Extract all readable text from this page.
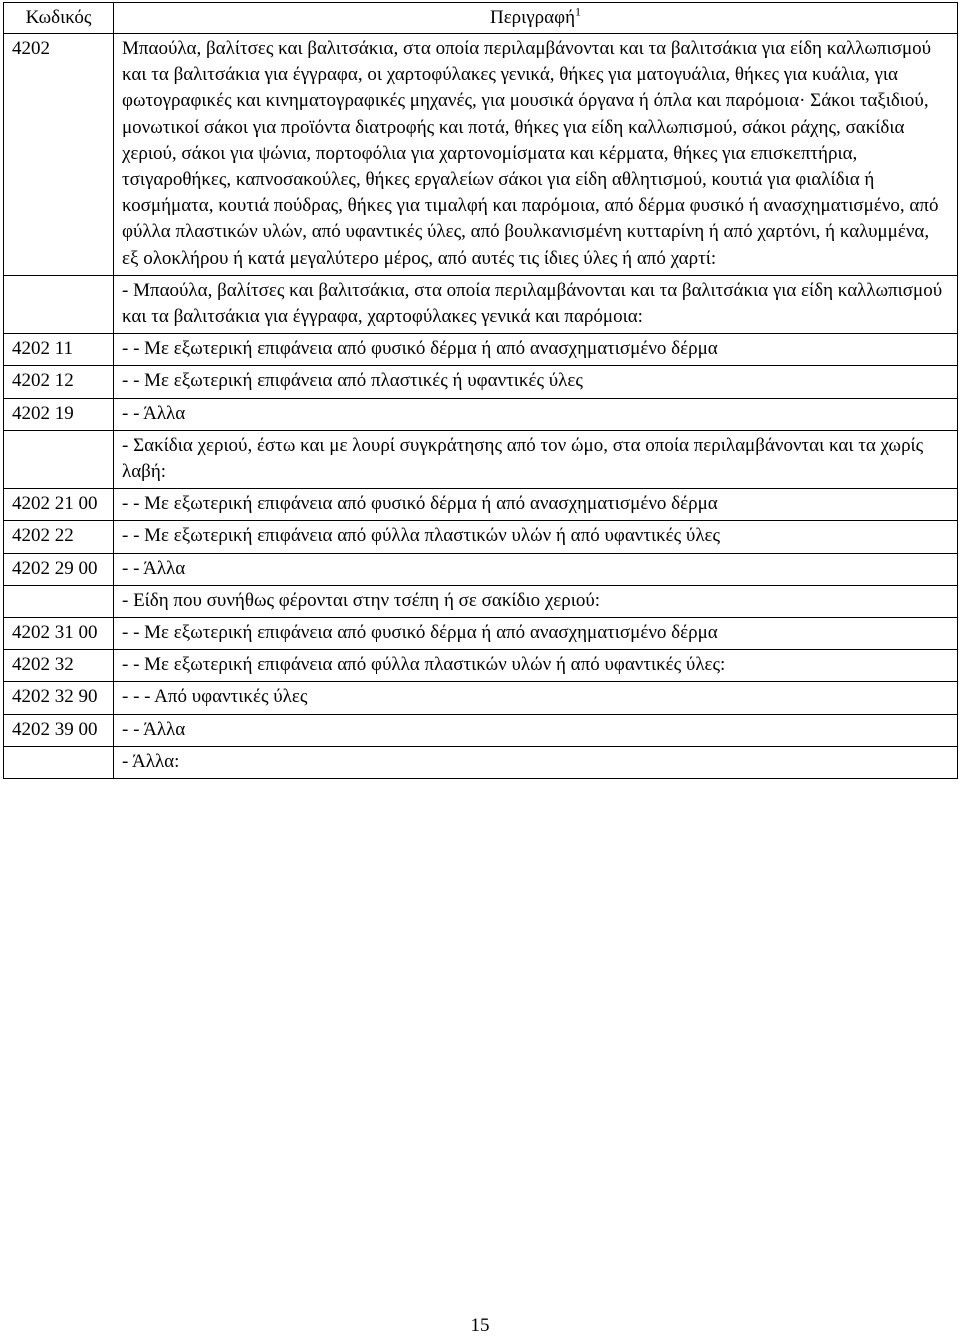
Κωδικός	Περιγραφή$^1$
4202	Μπαούλα, βαλίτσες και βαλιτσάκια, στα οποία περιλαμβάνονται και τα βαλιτσάκια για είδη καλλωπισμού και τα βαλιτσάκια για έγγραφα, οι χαρτοφύλακες γενικά, θήκες για ματογυάλια, θήκες για κυάλια, για φωτογραφικές και κινηματογραφικές μηχανές, για μουσικά όργανα ή όπλα και παρόμοια· Σάκοι ταξιδιού, μονωτικοί σάκοι για προϊόντα διατροφής και ποτά, θήκες για είδη καλλωπισμού, σάκοι ράχης, σακίδια χεριού, σάκοι για ψώνια, πορτοφόλια για χαρτονομίσματα και κέρματα, θήκες για επισκεπτήρια, τσιγαροθήκες, καπνοσακούλες, θήκες εργαλείων σάκοι για είδη αθλητισμού, κουτιά για φιαλίδια ή κοσμήματα, κουτιά πούδρας, θήκες για τιμαλφή και παρόμοια, από δέρμα φυσικό ή ανασχηματισμένο, από φύλλα πλαστικών υλών, από υφαντικές ύλες, από βουλκανισμένη κυτταρίνη ή από χαρτόνι, ή καλυμμένα, εξ ολοκλήρου ή κατά μεγαλύτερο μέρος, από αυτές τις ίδιες ύλες ή από χαρτί:
	- Μπαούλα, βαλίτσες και βαλιτσάκια, στα οποία περιλαμβάνονται και τα βαλιτσάκια για είδη καλλωπισμού και τα βαλιτσάκια για έγγραφα, χαρτοφύλακες γενικά και παρόμοια:
4202 11	- - Με εξωτερική επιφάνεια από φυσικό δέρμα ή από ανασχηματισμένο δέρμα
4202 12	- - Με εξωτερική επιφάνεια από πλαστικές ή υφαντικές ύλες
4202 19	- - Άλλα
	- Σακίδια χεριού, έστω και με λουρί συγκράτησης από τον ώμο, στα οποία περιλαμβάνονται και τα χωρίς λαβή:
4202 21 00	- - Με εξωτερική επιφάνεια από φυσικό δέρμα ή από ανασχηματισμένο δέρμα
4202 22	- - Με εξωτερική επιφάνεια από φύλλα πλαστικών υλών ή από υφαντικές ύλες
4202 29 00	- - Άλλα
	- Είδη που συνήθως φέρονται στην τσέπη ή σε σακίδιο χεριού:
4202 31 00	- - Με εξωτερική επιφάνεια από φυσικό δέρμα ή από ανασχηματισμένο δέρμα
4202 32	- - Με εξωτερική επιφάνεια από φύλλα πλαστικών υλών ή από υφαντικές ύλες:
4202 32 90	- - - Από υφαντικές ύλες
4202 39 00	- - Άλλα
	- Άλλα:
15
